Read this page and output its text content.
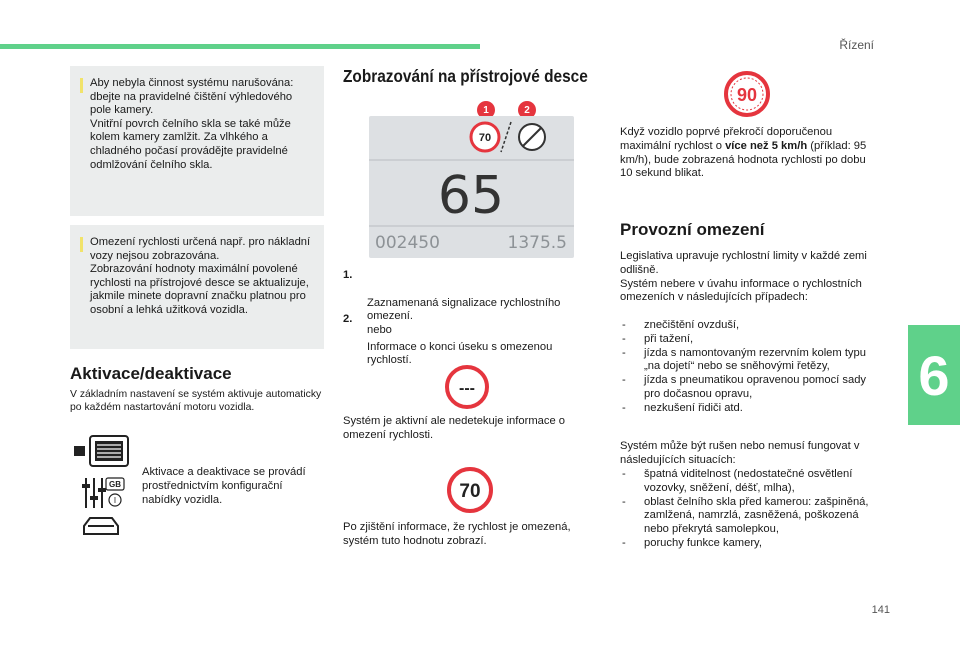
Řízení
6
141
Aby nebyla činnost systému narušována: dbejte na pravidelné čištění výhledového pole kamery.
Vnitřní povrch čelního skla se také může kolem kamery zamlžit. Za vlhkého a chladného počasí provádějte pravidelné odmlžování čelního skla.
Omezení rychlosti určená např. pro nákladní vozy nejsou zobrazována.
Zobrazování hodnoty maximální povolené rychlosti na přístrojové desce se aktualizuje, jakmile minete dopravní značku platnou pro osobní a lehká užitková vozidla.
Aktivace/deaktivace
V základním nastavení se systém aktivuje automaticky po každém nastartování motoru vozidla.
GB
I
Aktivace a deaktivace se provádí prostřednictvím konfigurační nabídky vozidla.
Zobrazování na přístrojové desce
1	2
70
65
002450	1375.5

1.

Zaznamenaná signalizace rychlostního omezení.
nebo

2.

Informace o konci úseku s omezenou rychlostí.

---
Systém je aktivní ale nedetekuje informace o omezení rychlosti.
70
Po zjištění informace, že rychlost je omezená, systém tuto hodnotu zobrazí.
90
Když vozidlo poprvé překročí doporučenou maximální rychlost o více než 5 km/h (příklad: 95 km/h), bude zobrazená hodnota rychlosti po dobu 10 sekund blikat.
Provozní omezení
Legislativa upravuje rychlostní limity v každé zemi odlišně.
Systém nebere v úvahu informace o rychlostních omezeních v následujících případech:
- znečištění ovzduší,
- při tažení,
- jízda s namontovaným rezervním kolem typu „na dojetí“ nebo se sněhovými řetězy,
- jízda s pneumatikou opravenou pomocí sady pro dočasnou opravu,
- nezkušení řidiči atd.
Systém může být rušen nebo nemusí fungovat v následujících situacích:
- špatná viditelnost (nedostatečné osvětlení vozovky, sněžení, déšť, mlha),
- oblast čelního skla před kamerou: zašpiněná, zamlžená, namrzlá, zasněžená, poškozená nebo překrytá samolepkou,
- poruchy funkce kamery,
